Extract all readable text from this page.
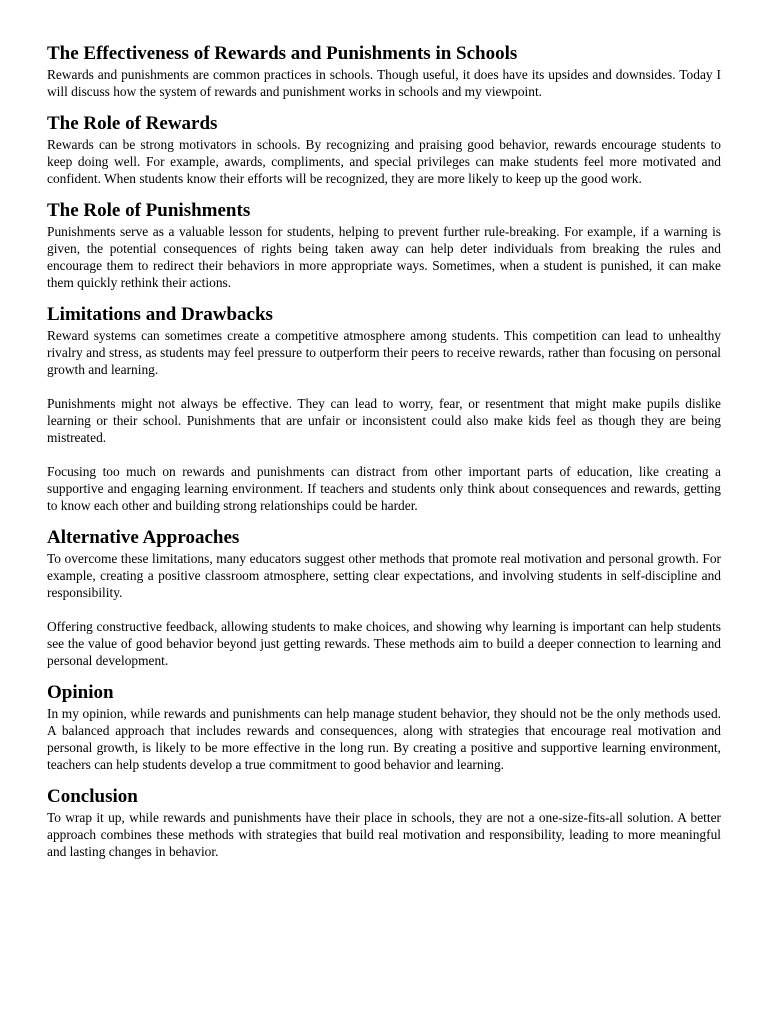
The Effectiveness of Rewards and Punishments in Schools

Rewards and punishments are common practices in schools. Though useful, it does have its upsides and downsides. Today I will discuss how the system of rewards and punishment works in schools and my viewpoint.

The Role of Rewards

Rewards can be strong motivators in schools. By recognizing and praising good behavior, rewards encourage students to keep doing well. For example, awards, compliments, and special privileges can make students feel more motivated and confident. When students know their efforts will be recognized, they are more likely to keep up the good work.

The Role of Punishments

Punishments serve as a valuable lesson for students, helping to prevent further rule-breaking. For example, if a warning is given, the potential consequences of rights being taken away can help deter individuals from breaking the rules and encourage them to redirect their behaviors in more appropriate ways. Sometimes, when a student is punished, it can make them quickly rethink their actions.

Limitations and Drawbacks

Reward systems can sometimes create a competitive atmosphere among students. This competition can lead to unhealthy rivalry and stress, as students may feel pressure to outperform their peers to receive rewards, rather than focusing on personal growth and learning.

Punishments might not always be effective. They can lead to worry, fear, or resentment that might make pupils dislike learning or their school. Punishments that are unfair or inconsistent could also make kids feel as though they are being mistreated.

Focusing too much on rewards and punishments can distract from other important parts of education, like creating a supportive and engaging learning environment. If teachers and students only think about consequences and rewards, getting to know each other and building strong relationships could be harder.

Alternative Approaches

To overcome these limitations, many educators suggest other methods that promote real motivation and personal growth. For example, creating a positive classroom atmosphere, setting clear expectations, and involving students in self-discipline and responsibility.

Offering constructive feedback, allowing students to make choices, and showing why learning is important can help students see the value of good behavior beyond just getting rewards. These methods aim to build a deeper connection to learning and personal development.

Opinion

In my opinion, while rewards and punishments can help manage student behavior, they should not be the only methods used. A balanced approach that includes rewards and consequences, along with strategies that encourage real motivation and personal growth, is likely to be more effective in the long run. By creating a positive and supportive learning environment, teachers can help students develop a true commitment to good behavior and learning.

Conclusion

To wrap it up, while rewards and punishments have their place in schools, they are not a one-size-fits-all solution. A better approach combines these methods with strategies that build real motivation and responsibility, leading to more meaningful and lasting changes in behavior.
